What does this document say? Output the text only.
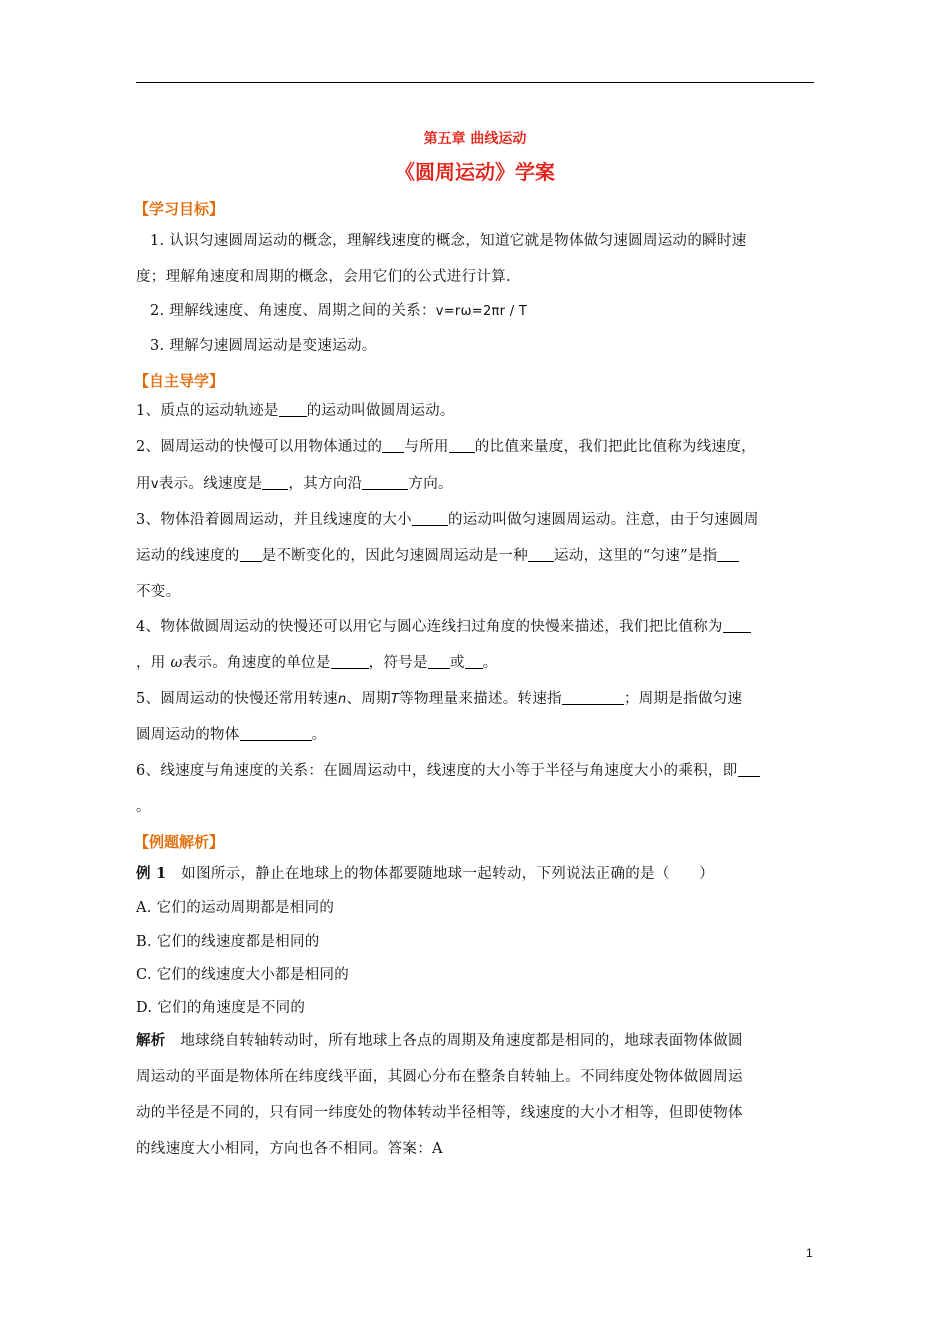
第五章 曲线运动
《圆周运动》学案
【学习目标】
1. 认识匀速圆周运动的概念，理解线速度的概念，知道它就是物体做匀速圆周运动的瞬时速
度；理解角速度和周期的概念，会用它们的公式进行计算.
2. 理解线速度、角速度、周期之间的关系：v=rω=2πr / T
3. 理解匀速圆周运动是变速运动。
【自主导学】
1、质点的运动轨迹是 的运动叫做圆周运动。
2、圆周运动的快慢可以用物体通过的 与所用 的比值来量度，我们把此比值称为线速度，
用v表示。线速度是 ，其方向沿	方向。
3、物体沿着圆周运动，并且线速度的大小 的运动叫做匀速圆周运动。注意，由于匀速圆周
运动的线速度的 是不断变化的，因此匀速圆周运动是一种 运动，这里的“匀速”是指
不变。
4、物体做圆周运动的快慢还可以用它与圆心连线扫过角度的快慢来描述，我们把比值称为
，用 ω表示。角速度的单位是	，符号是 或 。
5、圆周运动的快慢还常用转速n、周期T等物理量来描述。转速指	；周期是指做匀速
圆周运动的物体	。
6、线速度与角速度的关系：在圆周运动中，线速度的大小等于半径与角速度大小的乘积，即
。
【例题解析】
例 1 如图所示，静止在地球上的物体都要随地球一起转动，下列说法正确的是（　　）
A. 它们的运动周期都是相同的
B. 它们的线速度都是相同的
C. 它们的线速度大小都是相同的
D. 它们的角速度是不同的
解析 地球绕自转轴转动时，所有地球上各点的周期及角速度都是相同的，地球表面物体做圆
周运动的平面是物体所在纬度线平面，其圆心分布在整条自转轴上。不同纬度处物体做圆周运
动的半径是不同的，只有同一纬度处的物体转动半径相等，线速度的大小才相等，但即使物体
的线速度大小相同，方向也各不相同。答案：A
1
